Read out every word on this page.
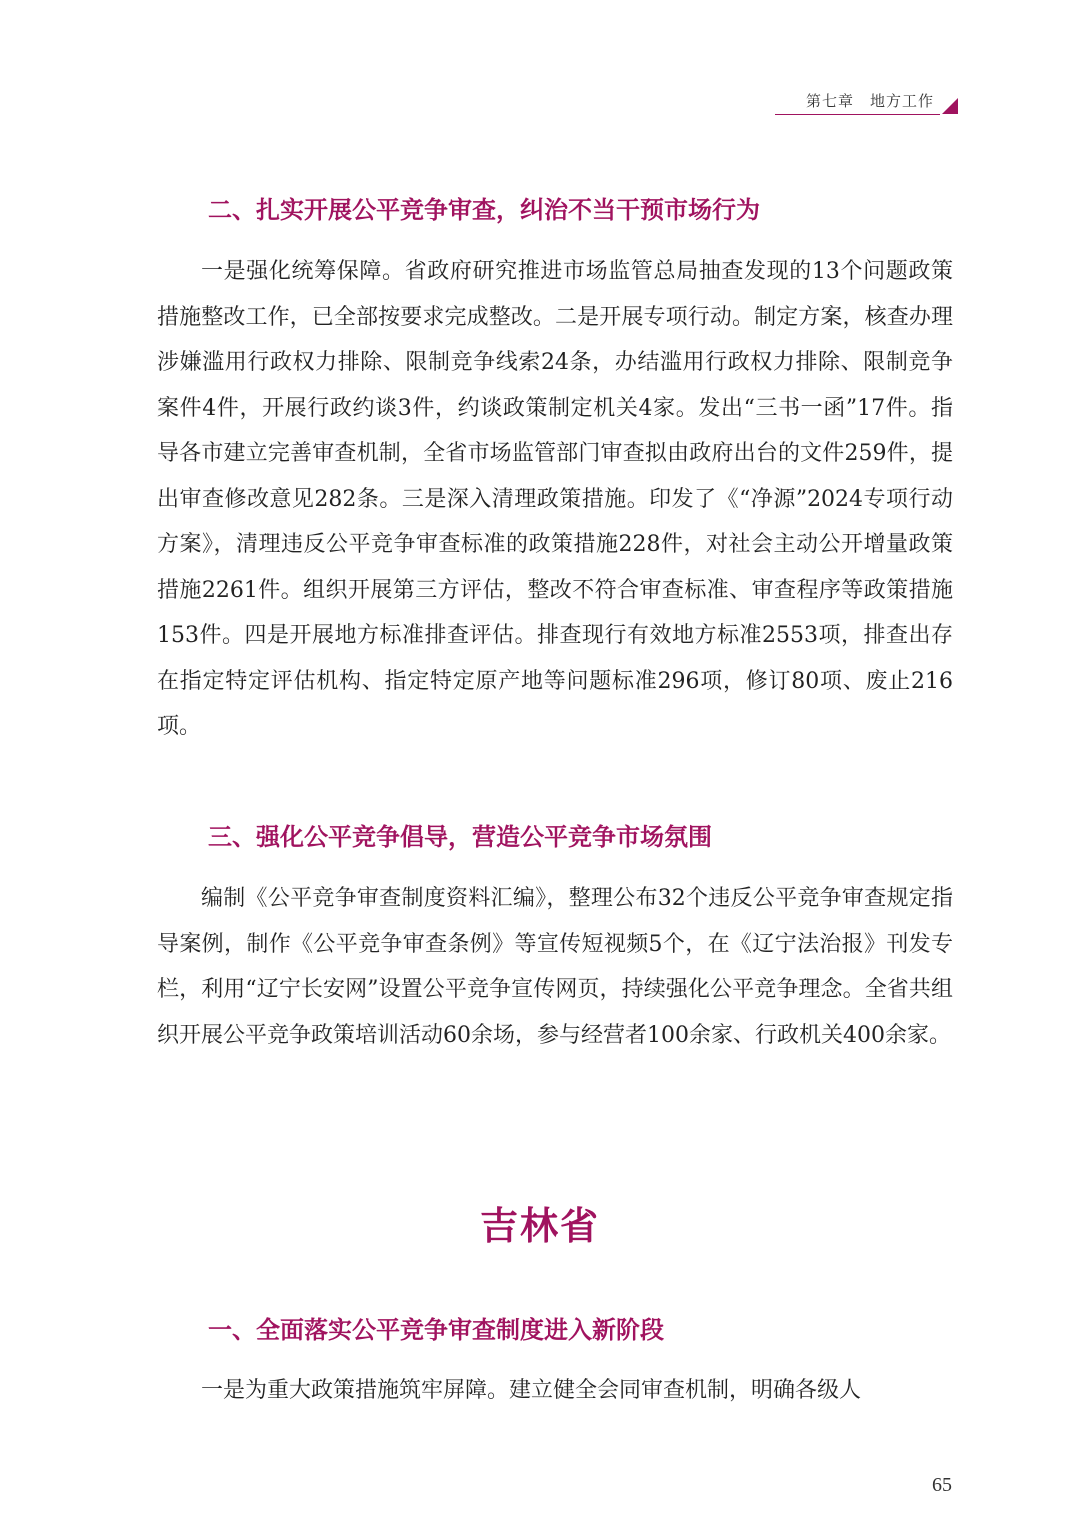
第七章　地方工作
二、扎实开展公平竞争审查，纠治不当干预市场行为

一是强化统筹保障。省政府研究推进市场监管总局抽查发现的13个问题政策措施整改工作，已全部按要求完成整改。二是开展专项行动。制定方案，核查办理涉嫌滥用行政权力排除、限制竞争线索24条，办结滥用行政权力排除、限制竞争案件4件，开展行政约谈3件，约谈政策制定机关4家。发出“三书一函”17件。指导各市建立完善审查机制，全省市场监管部门审查拟由政府出台的文件259件，提出审查修改意见282条。三是深入清理政策措施。印发了《“净源”2024专项行动方案》，清理违反公平竞争审查标准的政策措施228件，对社会主动公开增量政策措施2261件。组织开展第三方评估，整改不符合审查标准、审查程序等政策措施153件。四是开展地方标准排查评估。排查现行有效地方标准2553项，排查出存在指定特定评估机构、指定特定原产地等问题标准296项，修订80项、废止216项。

三、强化公平竞争倡导，营造公平竞争市场氛围

编制《公平竞争审查制度资料汇编》，整理公布32个违反公平竞争审查规定指导案例，制作《公平竞争审查条例》等宣传短视频5个，在《辽宁法治报》刊发专栏，利用“辽宁长安网”设置公平竞争宣传网页，持续强化公平竞争理念。全省共组织开展公平竞争政策培训活动60余场，参与经营者100余家、行政机关400余家。

吉林省
一、全面落实公平竞争审查制度进入新阶段

一是为重大政策措施筑牢屏障。建立健全会同审查机制，明确各级人

65
